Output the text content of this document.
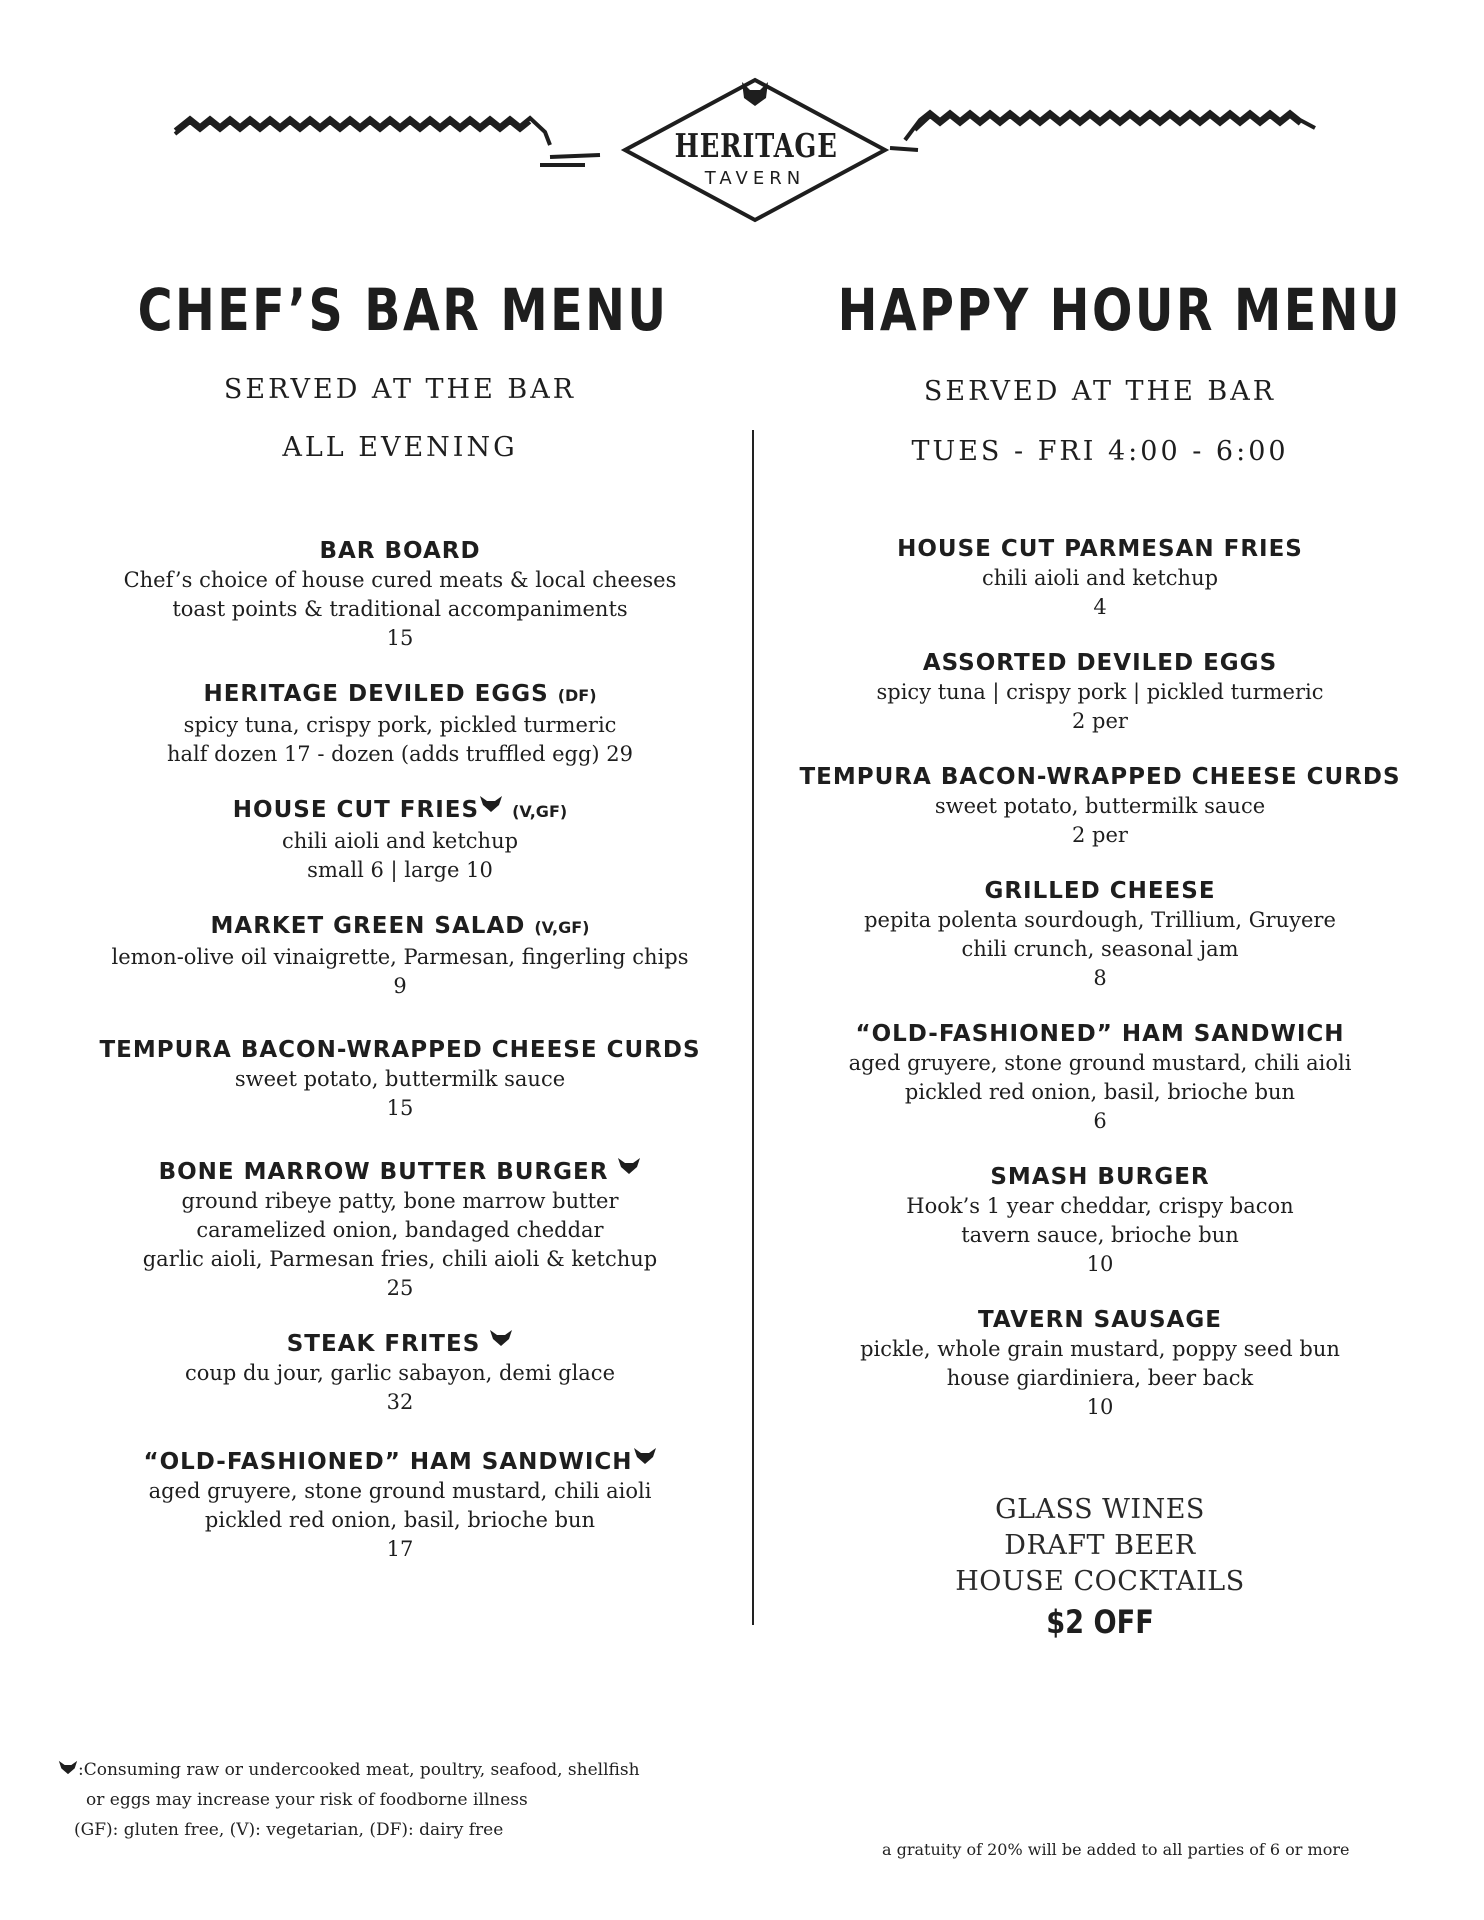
HERITAGE
TAVERN
CHEF’S BAR MENU
SERVED AT THE BAR
ALL EVENING
BAR BOARD
Chef’s choice of house cured meats & local cheeses
toast points & traditional accompaniments
15
HERITAGE DEVILED EGGS (DF)
spicy tuna, crispy pork, pickled turmeric
half dozen 17 - dozen (adds truffled egg) 29
HOUSE CUT FRIES (V,GF)
chili aioli and ketchup
small 6 | large 10
MARKET GREEN SALAD (V,GF)
lemon-olive oil vinaigrette, Parmesan, fingerling chips
9
TEMPURA BACON-WRAPPED CHEESE CURDS
sweet potato, buttermilk sauce
15
BONE MARROW BUTTER BURGER
ground ribeye patty, bone marrow butter
caramelized onion, bandaged cheddar
garlic aioli, Parmesan fries, chili aioli & ketchup
25
STEAK FRITES
coup du jour, garlic sabayon, demi glace
32
“OLD-FASHIONED” HAM SANDWICH
aged gruyere, stone ground mustard, chili aioli
pickled red onion, basil, brioche bun
17
HAPPY HOUR MENU
SERVED AT THE BAR
TUES - FRI 4:00 - 6:00
HOUSE CUT PARMESAN FRIES
chili aioli and ketchup
4
ASSORTED DEVILED EGGS
spicy tuna | crispy pork | pickled turmeric
2 per
TEMPURA BACON-WRAPPED CHEESE CURDS
sweet potato, buttermilk sauce
2 per
GRILLED CHEESE
pepita polenta sourdough, Trillium, Gruyere
chili crunch, seasonal jam
8
“OLD-FASHIONED” HAM SANDWICH
aged gruyere, stone ground mustard, chili aioli
pickled red onion, basil, brioche bun
6
SMASH BURGER
Hook’s 1 year cheddar, crispy bacon
tavern sauce, brioche bun
10
TAVERN SAUSAGE
pickle, whole grain mustard, poppy seed bun
house giardiniera, beer back
10
GLASS WINES
DRAFT BEER
HOUSE COCKTAILS
$2 OFF
:Consuming raw or undercooked meat, poultry, seafood, shellfish
or eggs may increase your risk of foodborne illness
(GF): gluten free, (V): vegetarian, (DF): dairy free
a gratuity of 20% will be added to all parties of 6 or more
